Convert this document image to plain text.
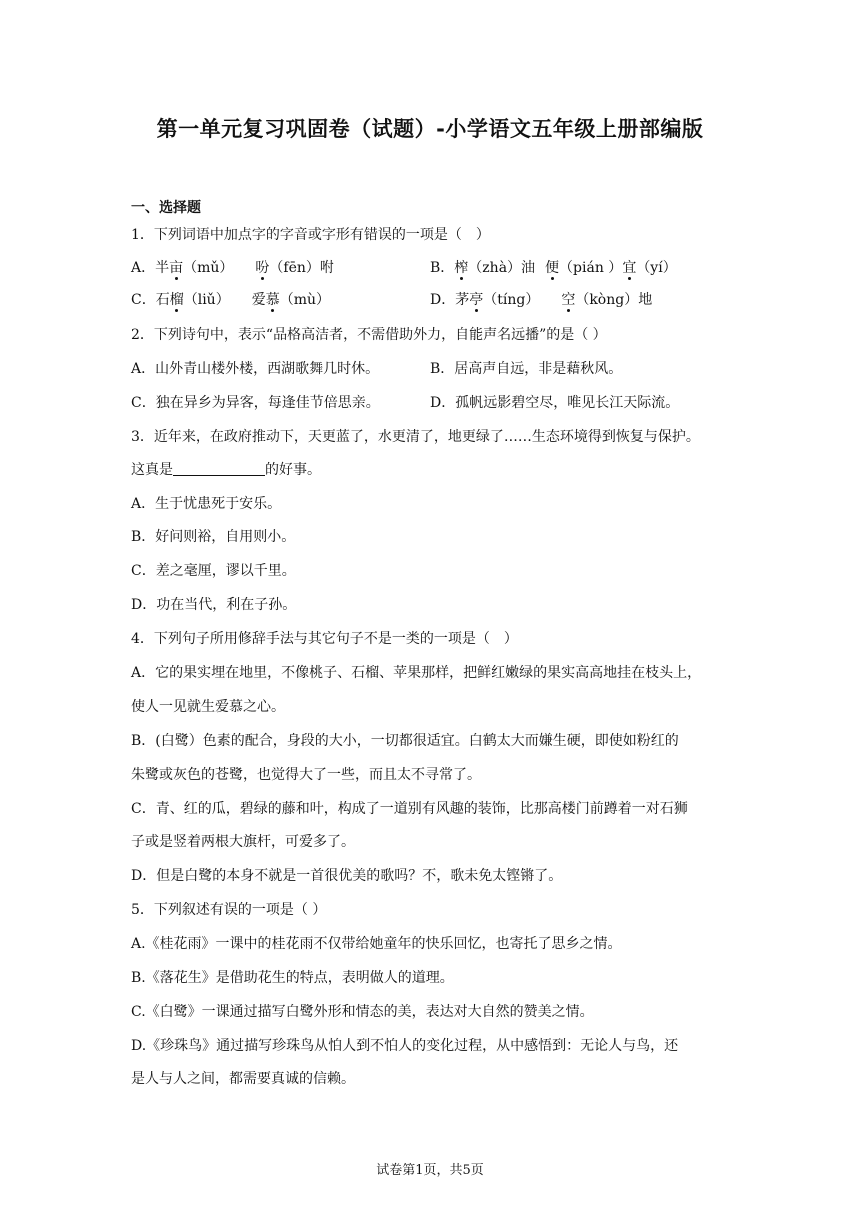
第一单元复习巩固卷（试题）-小学语文五年级上册部编版
一、选择题
1．下列词语中加点字的字音或字形有错误的一项是（　）
A．半亩（mǔ） 吩（fēn）咐	B．榨（zhà）油 便（pián ）宜（yí）
C．石榴（liǔ） 爱慕（mù）	D．茅亭（tíng） 空（kòng）地
2．下列诗句中，表示“品格高洁者，不需借助外力，自能声名远播”的是（ ）
A．山外青山楼外楼，西湖歌舞几时休。	B．居高声自远，非是藉秋风。
C．独在异乡为异客，每逢佳节倍思亲。	D．孤帆远影碧空尽，唯见长江天际流。
3．近年来，在政府推动下，天更蓝了，水更清了，地更绿了……生态环境得到恢复与保护。
这真是	的好事。
A．生于忧患死于安乐。
B．好问则裕，自用则小。
C．差之毫厘，谬以千里。
D．功在当代，利在子孙。
4．下列句子所用修辞手法与其它句子不是一类的一项是（　）
A．它的果实埋在地里，不像桃子、石榴、苹果那样，把鲜红嫩绿的果实高高地挂在枝头上，
使人一见就生爱慕之心。
B．(白鹭）色素的配合，身段的大小，一切都很适宜。白鹤太大而嫌生硬，即使如粉红的
朱鹭或灰色的苍鹭，也觉得大了一些，而且太不寻常了。
C．青、红的瓜，碧绿的藤和叶，构成了一道别有风趣的装饰，比那高楼门前蹲着一对石狮
子或是竖着两根大旗杆，可爱多了。
D．但是白鹭的本身不就是一首很优美的歌吗？不，歌未免太铿锵了。
5．下列叙述有误的一项是（ ）
A.《桂花雨》一课中的桂花雨不仅带给她童年的快乐回忆，也寄托了思乡之情。
B.《落花生》是借助花生的特点，表明做人的道理。
C.《白鹭》一课通过描写白鹭外形和情态的美，表达对大自然的赞美之情。
D.《珍珠鸟》通过描写珍珠鸟从怕人到不怕人的变化过程，从中感悟到：无论人与鸟，还
是人与人之间，都需要真诚的信赖。
试卷第1页，共5页
